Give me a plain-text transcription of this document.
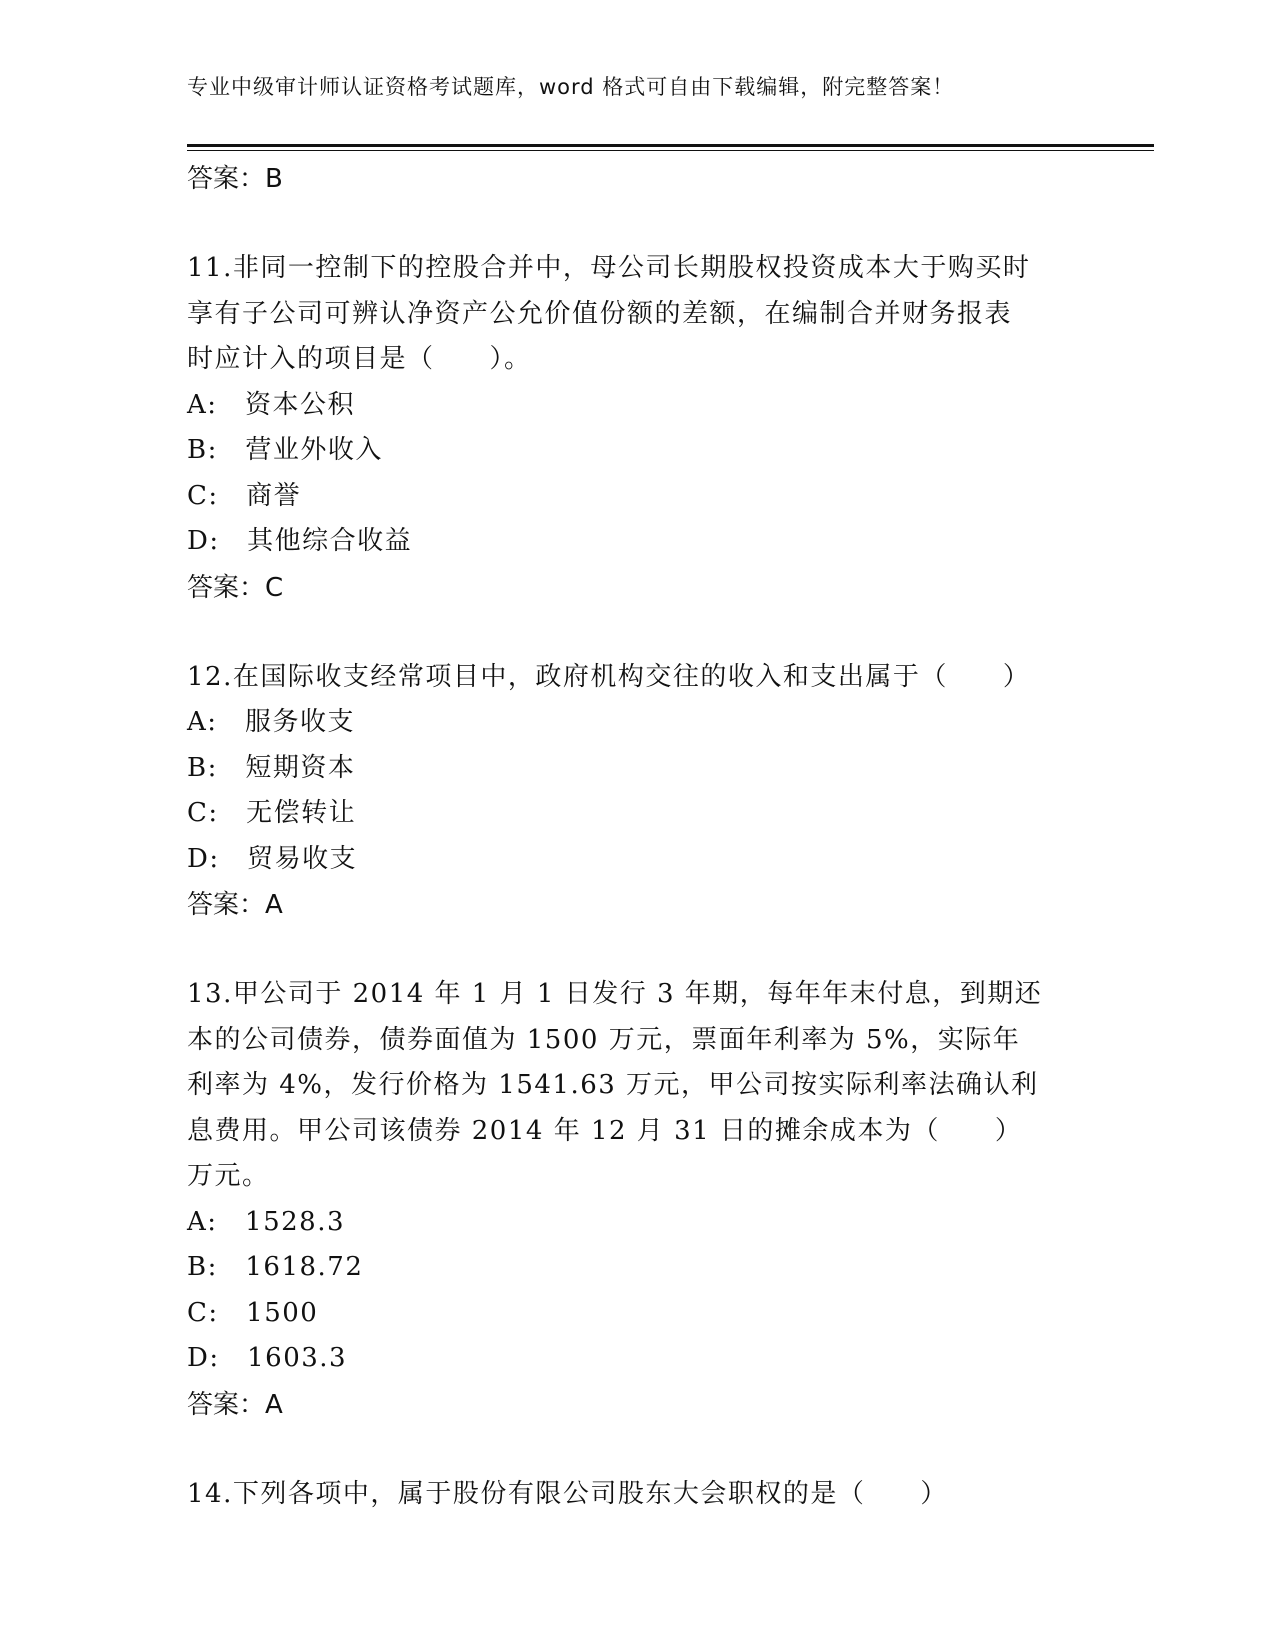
专业中级审计师认证资格考试题库，word 格式可自由下载编辑，附完整答案！
答案：B

11.非同一控制下的控股合并中，母公司长期股权投资成本大于购买时享有子公司可辨认净资产公允价值份额的差额，在编制合并财务报表时应计入的项目是（　　）。

A:　资本公积
B:　营业外收入
C:　商誉
D:　其他综合收益
答案：C

12.在国际收支经常项目中，政府机构交往的收入和支出属于（　　）

A:　服务收支
B:　短期资本
C:　无偿转让
D:　贸易收支
答案：A

13.甲公司于 2014 年 1 月 1 日发行 3 年期，每年年末付息，到期还本的公司债券，债券面值为 1500 万元，票面年利率为 5%，实际年利率为 4%，发行价格为 1541.63 万元，甲公司按实际利率法确认利息费用。甲公司该债券 2014 年 12 月 31 日的摊余成本为（　　）万元。

A:　1528.3
B:　1618.72
C:　1500
D:　1603.3
答案：A

14.下列各项中，属于股份有限公司股东大会职权的是（　　）
